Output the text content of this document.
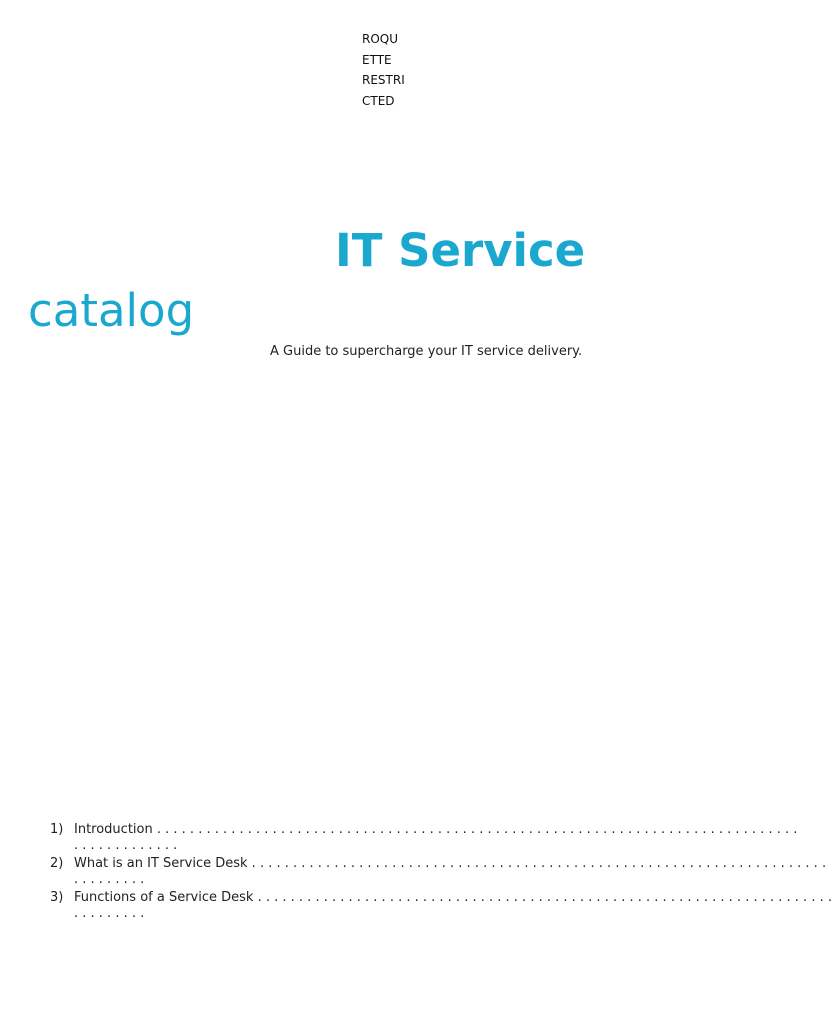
ROQU
ETTE
RESTRI
CTED
IT Service
catalog
A Guide to supercharge your IT service delivery.
1) Introduction . . . . . . . . . . . . . . . . . . . . . . . . . . . . . . . . . . . . . . . . . . . . . . . . . . . . . . . . . . . . . . . . . . . . . . . . . . . . . .
. . . . . . . . . . . . .
2) What is an IT Service Desk . . . . . . . . . . . . . . . . . . . . . . . . . . . . . . . . . . . . . . . . . . . . . . . . . . . . . . . . . . . . . . . . . . . . . .
. . . . . . . . .
3) Functions of a Service Desk . . . . . . . . . . . . . . . . . . . . . . . . . . . . . . . . . . . . . . . . . . . . . . . . . . . . . . . . . . . . . . . . . . . . . .
. . . . . . . . .
